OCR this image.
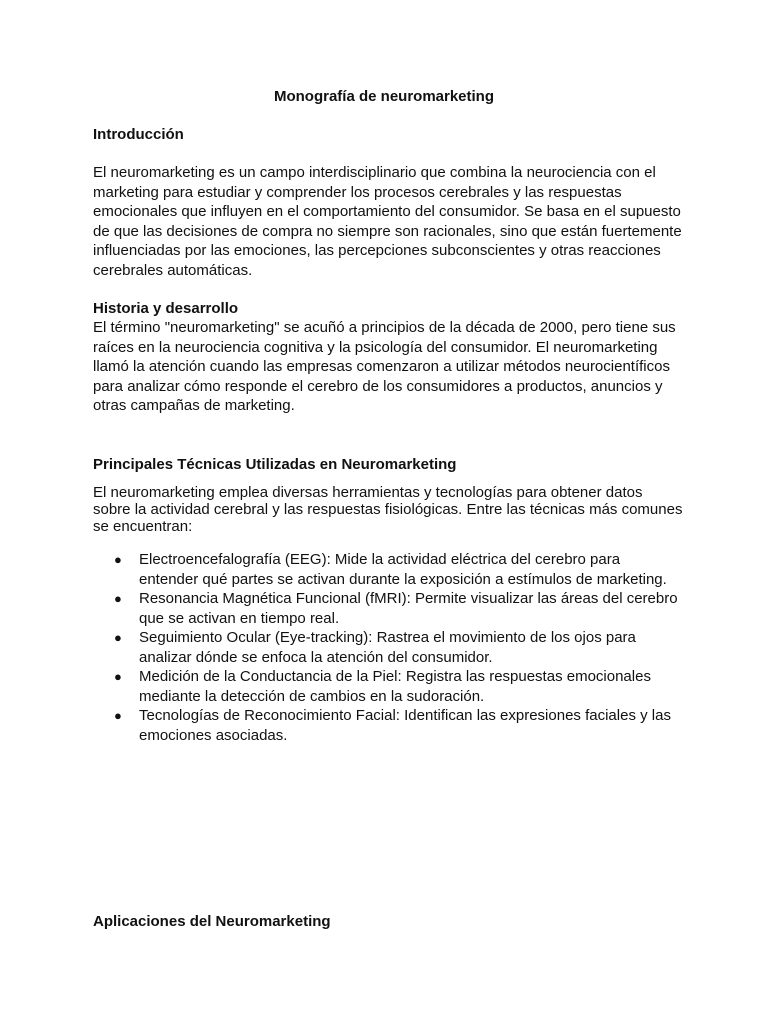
Monografía de neuromarketing
Introducción

El neuromarketing es un campo interdisciplinario que combina la neurociencia con el marketing para estudiar y comprender los procesos cerebrales y las respuestas emocionales que influyen en el comportamiento del consumidor. Se basa en el supuesto de que las decisiones de compra no siempre son racionales, sino que están fuertemente influenciadas por las emociones, las percepciones subconscientes y otras reacciones cerebrales automáticas.

Historia y desarrollo

El término "neuromarketing" se acuñó a principios de la década de 2000, pero tiene sus raíces en la neurociencia cognitiva y la psicología del consumidor. El neuromarketing llamó la atención cuando las empresas comenzaron a utilizar métodos neurocientíficos para analizar cómo responde el cerebro de los consumidores a productos, anuncios y otras campañas de marketing.

Principales Técnicas Utilizadas en Neuromarketing

El neuromarketing emplea diversas herramientas y tecnologías para obtener datos sobre la actividad cerebral y las respuestas fisiológicas. Entre las técnicas más comunes se encuentran:

● Electroencefalografía (EEG): Mide la actividad eléctrica del cerebro para entender qué partes se activan durante la exposición a estímulos de marketing.
● Resonancia Magnética Funcional (fMRI): Permite visualizar las áreas del cerebro que se activan en tiempo real.
● Seguimiento Ocular (Eye-tracking): Rastrea el movimiento de los ojos para analizar dónde se enfoca la atención del consumidor.
● Medición de la Conductancia de la Piel: Registra las respuestas emocionales mediante la detección de cambios en la sudoración.
● Tecnologías de Reconocimiento Facial: Identifican las expresiones faciales y las emociones asociadas.
Aplicaciones del Neuromarketing
